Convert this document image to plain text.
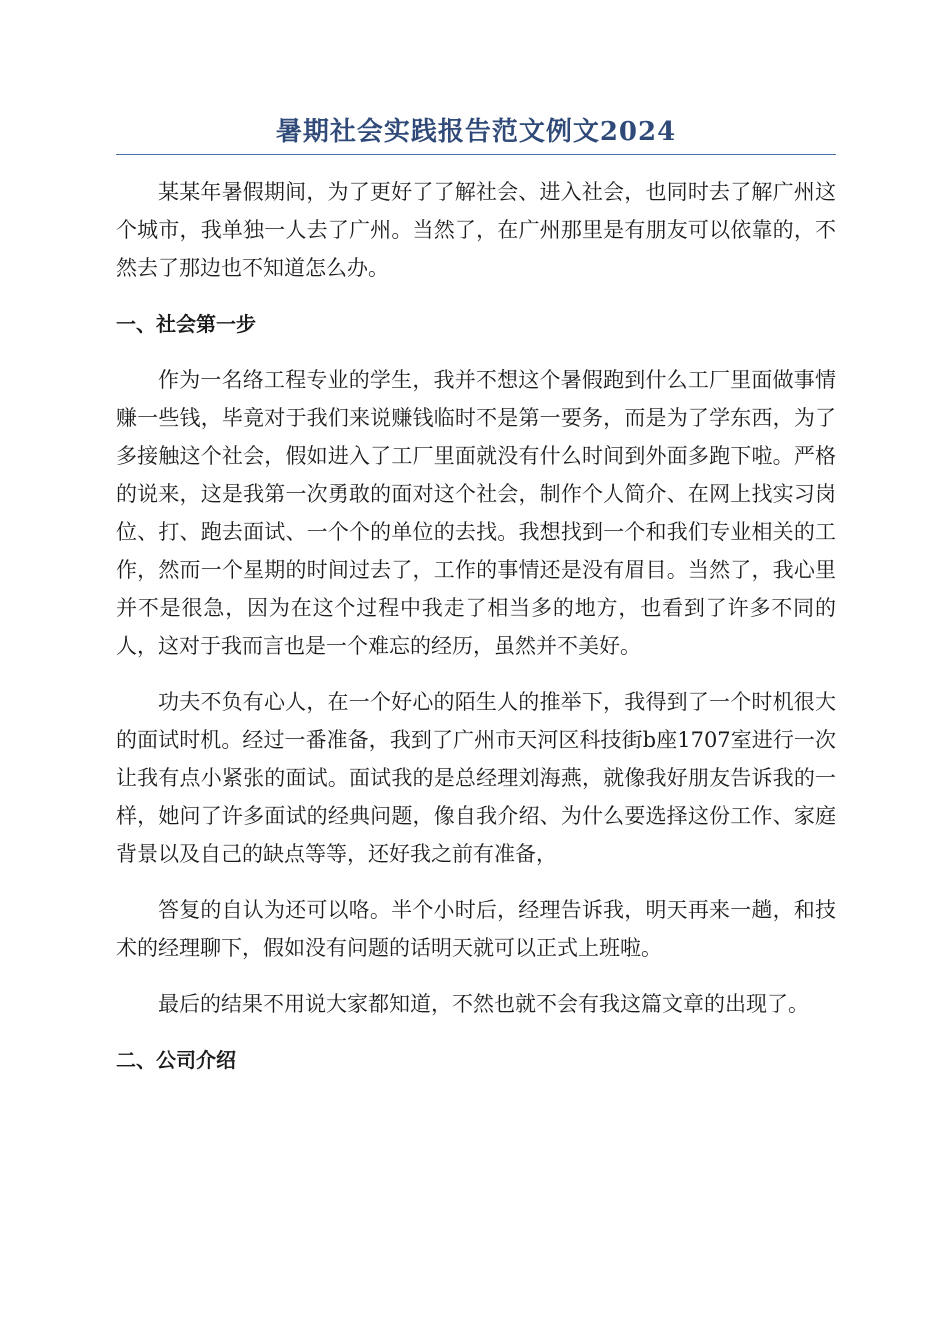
暑期社会实践报告范文例文2024

某某年暑假期间，为了更好了了解社会、进入社会，也同时去了解广州这个城市，我单独一人去了广州。当然了，在广州那里是有朋友可以依靠的，不然去了那边也不知道怎么办。

一、社会第一步

作为一名络工程专业的学生，我并不想这个暑假跑到什么工厂里面做事情赚一些钱，毕竟对于我们来说赚钱临时不是第一要务，而是为了学东西，为了多接触这个社会，假如进入了工厂里面就没有什么时间到外面多跑下啦。严格的说来，这是我第一次勇敢的面对这个社会，制作个人简介、在网上找实习岗位、打、跑去面试、一个个的单位的去找。我想找到一个和我们专业相关的工作，然而一个星期的时间过去了，工作的事情还是没有眉目。当然了，我心里并不是很急，因为在这个过程中我走了相当多的地方，也看到了许多不同的人，这对于我而言也是一个难忘的经历，虽然并不美好。

功夫不负有心人，在一个好心的陌生人的推举下，我得到了一个时机很大的面试时机。经过一番准备，我到了广州市天河区科技街b座1707室进行一次让我有点小紧张的面试。面试我的是总经理刘海燕，就像我好朋友告诉我的一样，她问了许多面试的经典问题，像自我介绍、为什么要选择这份工作、家庭背景以及自己的缺点等等，还好我之前有准备，

答复的自认为还可以咯。半个小时后，经理告诉我，明天再来一趟，和技术的经理聊下，假如没有问题的话明天就可以正式上班啦。

最后的结果不用说大家都知道，不然也就不会有我这篇文章的出现了。

二、公司介绍
